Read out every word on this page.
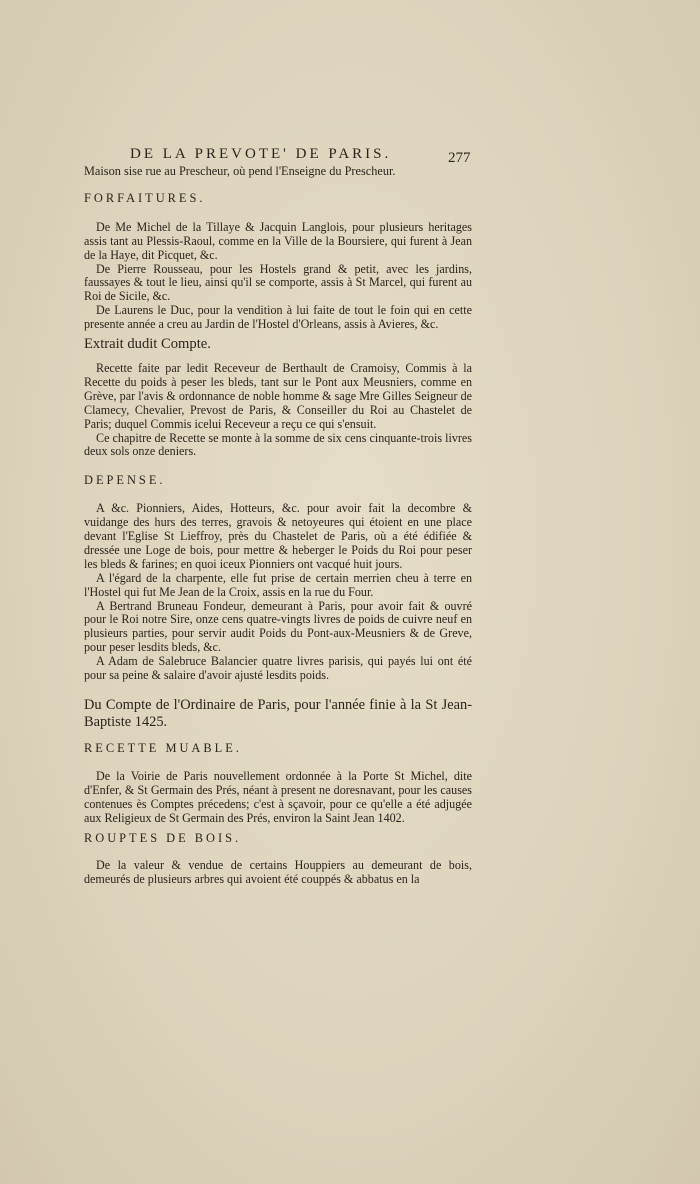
DE LA PREVOTE' DE PARIS.	277

Maison sise rue au Prescheur, où pend l'Enseigne du Prescheur.

FORFAITURES.

De Me Michel de la Tillaye & Jacquin Langlois, pour plusieurs heritages assis tant au Plessis-Raoul, comme en la Ville de la Boursiere, qui furent à Jean de la Haye, dit Picquet, &c.

De Pierre Rousseau, pour les Hostels grand & petit, avec les jardins, faussayes & tout le lieu, ainsi qu'il se comporte, assis à St Marcel, qui furent au Roi de Sicile, &c.

De Laurens le Duc, pour la vendition à lui faite de tout le foin qui en cette presente année a creu au Jardin de l'Hostel d'Orleans, assis à Avieres, &c.

Extrait dudit Compte.

Recette faite par ledit Receveur de Berthault de Cramoisy, Commis à la Recette du poids à peser les bleds, tant sur le Pont aux Meusniers, comme en Grève, par l'avis & ordonnance de noble homme & sage Mre Gilles Seigneur de Clamecy, Chevalier, Prevost de Paris, & Conseiller du Roi au Chastelet de Paris; duquel Commis icelui Receveur a reçu ce qui s'ensuit.

Ce chapitre de Recette se monte à la somme de six cens cinquante-trois livres deux sols onze deniers.

DEPENSE.

A &c. Pionniers, Aides, Hotteurs, &c. pour avoir fait la decombre & vuidange des hurs des terres, gravois & netoyeures qui étoient en une place devant l'Eglise St Lieffroy, près du Chastelet de Paris, où a été édifiée & dressée une Loge de bois, pour mettre & heberger le Poids du Roi pour peser les bleds & farines; en quoi iceux Pionniers ont vacqué huit jours.

A l'égard de la charpente, elle fut prise de certain merrien cheu à terre en l'Hostel qui fut Me Jean de la Croix, assis en la rue du Four.

A Bertrand Bruneau Fondeur, demeurant à Paris, pour avoir fait & ouvré pour le Roi notre Sire, onze cens quatre-vingts livres de poids de cuivre neuf en plusieurs parties, pour servir audit Poids du Pont-aux-Meusniers & de Greve, pour peser lesdits bleds, &c.

A Adam de Salebruce Balancier quatre livres parisis, qui payés lui ont été pour sa peine & salaire d'avoir ajusté lesdits poids.

Du Compte de l'Ordinaire de Paris, pour l'année finie à la St Jean-Baptiste 1425.

RECETTE MUABLE.

De la Voirie de Paris nouvellement ordonnée à la Porte St Michel, dite d'Enfer, & St Germain des Prés, néant à present ne doresnavant, pour les causes contenues ès Comptes précedens; c'est à sçavoir, pour ce qu'elle a été adjugée aux Religieux de St Germain des Prés, environ la Saint Jean 1402.

ROUPTES DE BOIS.

De la valeur & vendue de certains Houppiers au demeurant de bois, demeurés de plusieurs arbres qui avoient été couppés & abbatus en la
